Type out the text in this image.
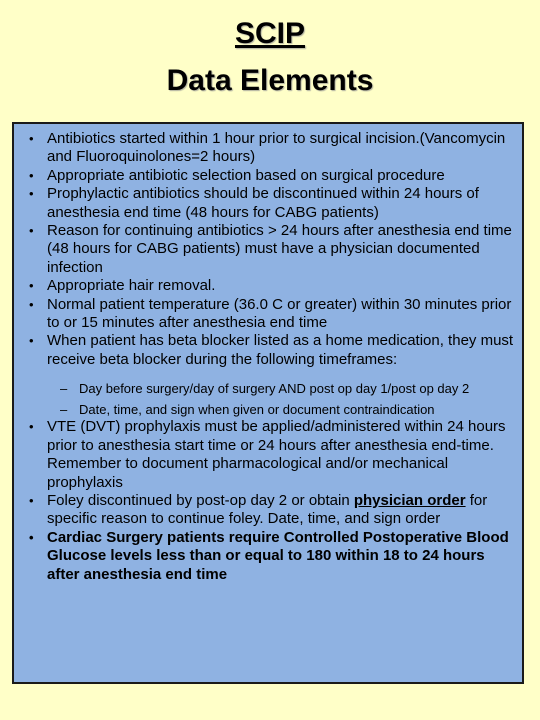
SCIP
Data Elements
• Antibiotics started within 1 hour prior to surgical incision.(Vancomycin and Fluoroquinolones=2 hours)
• Appropriate antibiotic selection based on surgical procedure
• Prophylactic antibiotics should be discontinued within 24 hours of anesthesia end time (48 hours for CABG patients)
• Reason for continuing antibiotics > 24 hours after anesthesia end time (48 hours for CABG patients) must have a physician documented infection
• Appropriate hair removal.
• Normal patient temperature (36.0 C or greater) within 30 minutes prior to or 15 minutes after anesthesia end time
• When patient has beta blocker listed as a home medication, they must receive beta blocker during the following timeframes:
– Day before surgery/day of surgery AND post op day 1/post op day 2
– Date, time, and sign when given or document contraindication
• VTE (DVT) prophylaxis must be applied/administered within 24 hours prior to anesthesia start time or 24 hours after anesthesia end-time. Remember to document pharmacological and/or mechanical prophylaxis
• Foley discontinued by post-op day 2 or obtain physician order for specific reason to continue foley. Date, time, and sign order
• Cardiac Surgery patients require Controlled Postoperative Blood Glucose levels less than or equal to 180 within 18 to 24 hours after anesthesia end time
